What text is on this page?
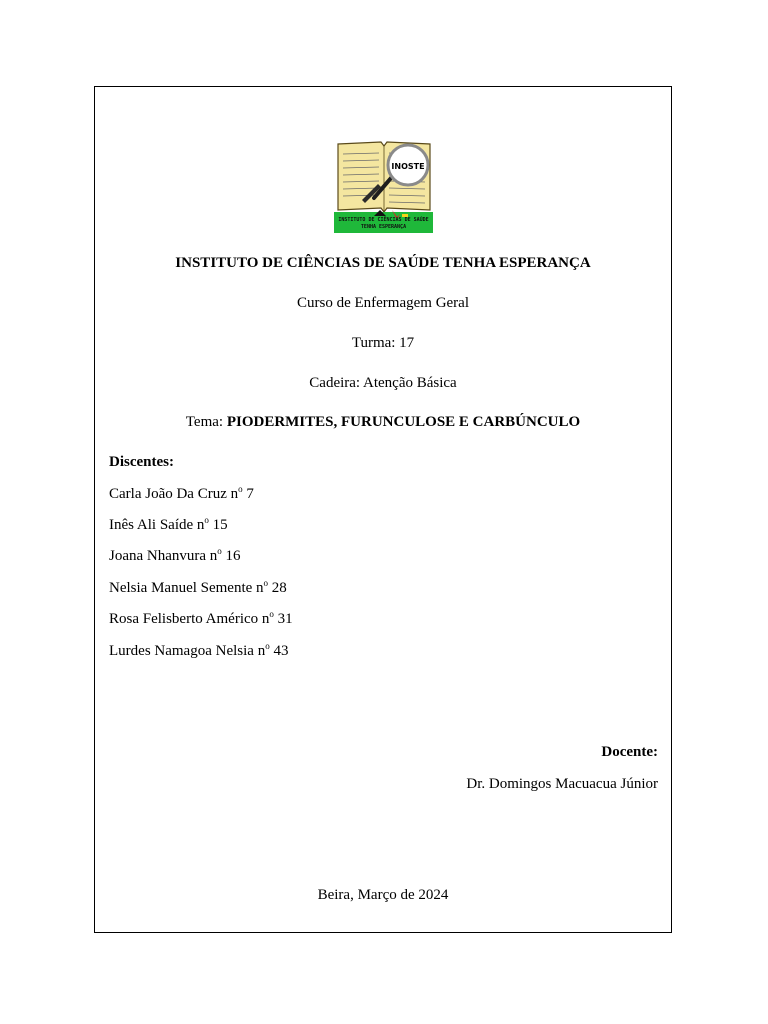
INOSTE
INSTITUTO DE CIÊNCIAS DE SAÚDE
TENHA ESPERANÇA
INSTITUTO DE CIÊNCIAS DE SAÚDE TENHA ESPERANÇA
Curso de Enfermagem Geral
Turma: 17
Cadeira: Atenção Básica
Tema: PIODERMITES, FURUNCULOSE E CARBÚNCULO
Discentes:
Carla João Da Cruz $n^o$ 7
Inês Ali Saíde $n^o$ 15
Joana Nhanvura $n^o$ 16
Nelsia Manuel Semente $n^o$ 28
Rosa Felisberto Américo $n^o$ 31
Lurdes Namagoa Nelsia $n^o$ 43
Docente:
Dr. Domingos Macuacua Júnior
Beira, Março de 2024
